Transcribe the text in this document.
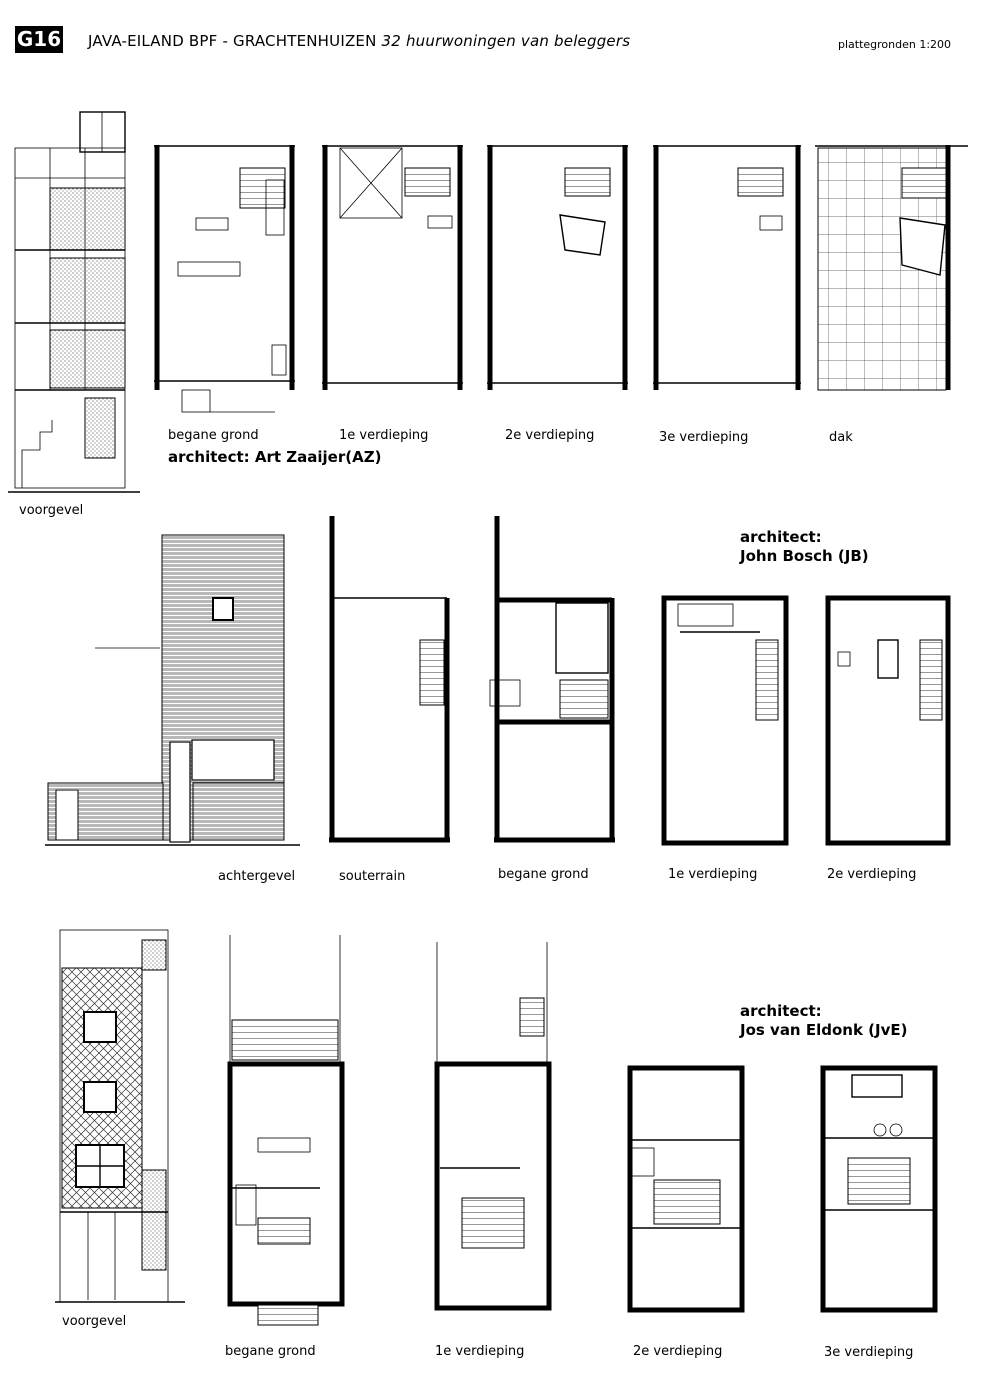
G16 JAVA-EILAND BPF - GRACHTENHUIZEN 32 huurwoningen van beleggers	plattegronden 1:200
voorgevel
begane grond	1e verdieping	2e verdieping	3e verdieping	dak
architect: Art Zaaijer(AZ)
achtergevel	souterrain	begane grond	1e verdieping	2e verdieping
architect:
John Bosch (JB)
voorgevel
begane grond	1e verdieping	2e verdieping	3e verdieping
architect:
Jos van Eldonk (JvE)
